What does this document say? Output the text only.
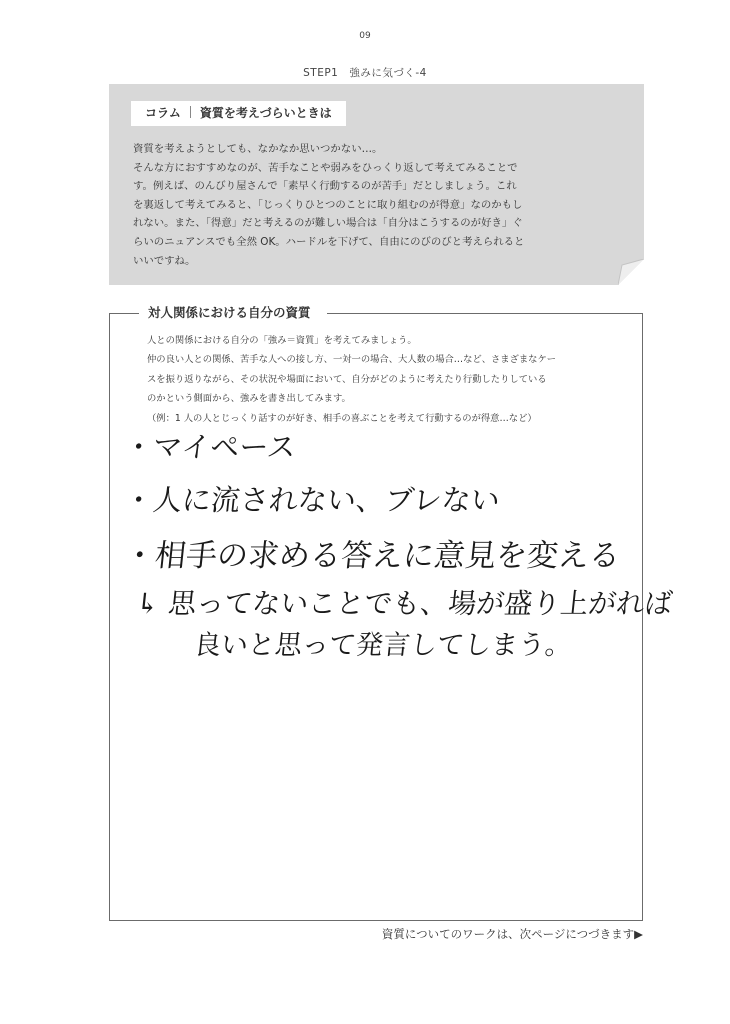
09
STEP1　強みに気づく-4
コラム 資質を考えづらいときは

資質を考えようとしても、なかなか思いつかない…。

そんな方におすすめなのが、苦手なことや弱みをひっくり返して考えてみることで

す。例えば、のんびり屋さんで「素早く行動するのが苦手」だとしましょう。これ

を裏返して考えてみると、「じっくりひとつのことに取り組むのが得意」なのかもし

れない。また、「得意」だと考えるのが難しい場合は「自分はこうするのが好き」ぐ

らいのニュアンスでも全然 OK。ハードルを下げて、自由にのびのびと考えられると

いいですね。

対人関係における自分の資質

人との関係における自分の「強み＝資質」を考えてみましょう。

仲の良い人との関係、苦手な人への接し方、一対一の場合、大人数の場合…など、さまざまなケー

スを振り返りながら、その状況や場面において、自分がどのように考えたり行動したりしている

のかという側面から、強みを書き出してみます。

（例：1 人の人とじっくり話すのが好き、相手の喜ぶことを考えて行動するのが得意…など）

・マイペース
・人に流されない、ブレない
・相手の求める答えに意見を変える
↳ 思ってないことでも、場が盛り上がれば
良いと思って発言してしまう。
資質についてのワークは、次ページにつづきます▶
